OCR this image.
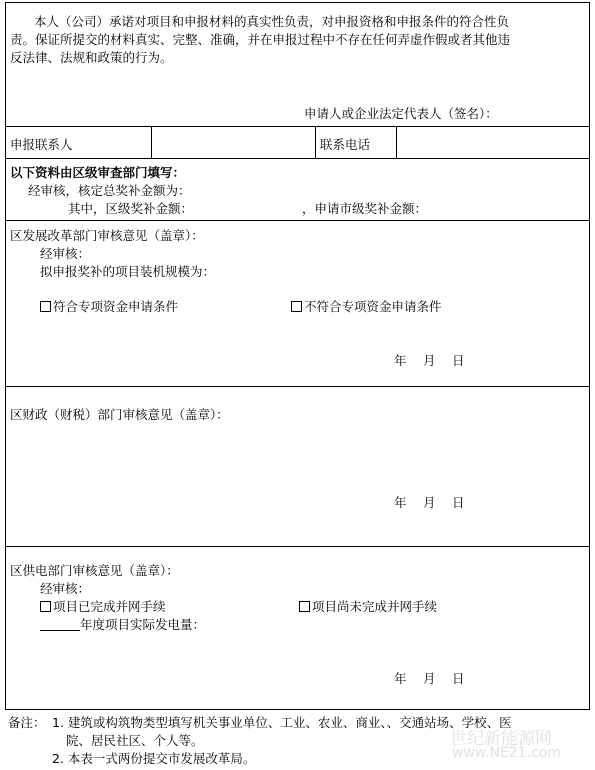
本人（公司）承诺对项目和申报材料的真实性负责，对申报资格和申报条件的符合性负
责。保证所提交的材料真实、完整、准确，并在申报过程中不存在任何弄虚作假或者其他违
反法律、法规和政策的行为。
申请人或企业法定代表人（签名）：
申报联系人	联系电话
以下资料由区级审查部门填写：
经审核，核定总奖补金额为：
其中，区级奖补金额：	，申请市级奖补金额：
区发展改革部门审核意见（盖章）：
经审核：
拟申报奖补的项目装机规模为：
符合专项资金申请条件	不符合专项资金申请条件
年　 月　 日
区财政（财税）部门审核意见（盖章）：
年　 月　 日
区供电部门审核意见（盖章）：
经审核：
项目已完成并网手续	项目尚未完成并网手续
年度项目实际发电量：
年　 月　 日
备注： 1. 建筑或构筑物类型填写机关事业单位、工业、农业、商业、、交通站场、学校、医
院、居民社区、个人等。
2. 本表一式两份提交市发展改革局。
世纪新能源网
www.NE21.com
